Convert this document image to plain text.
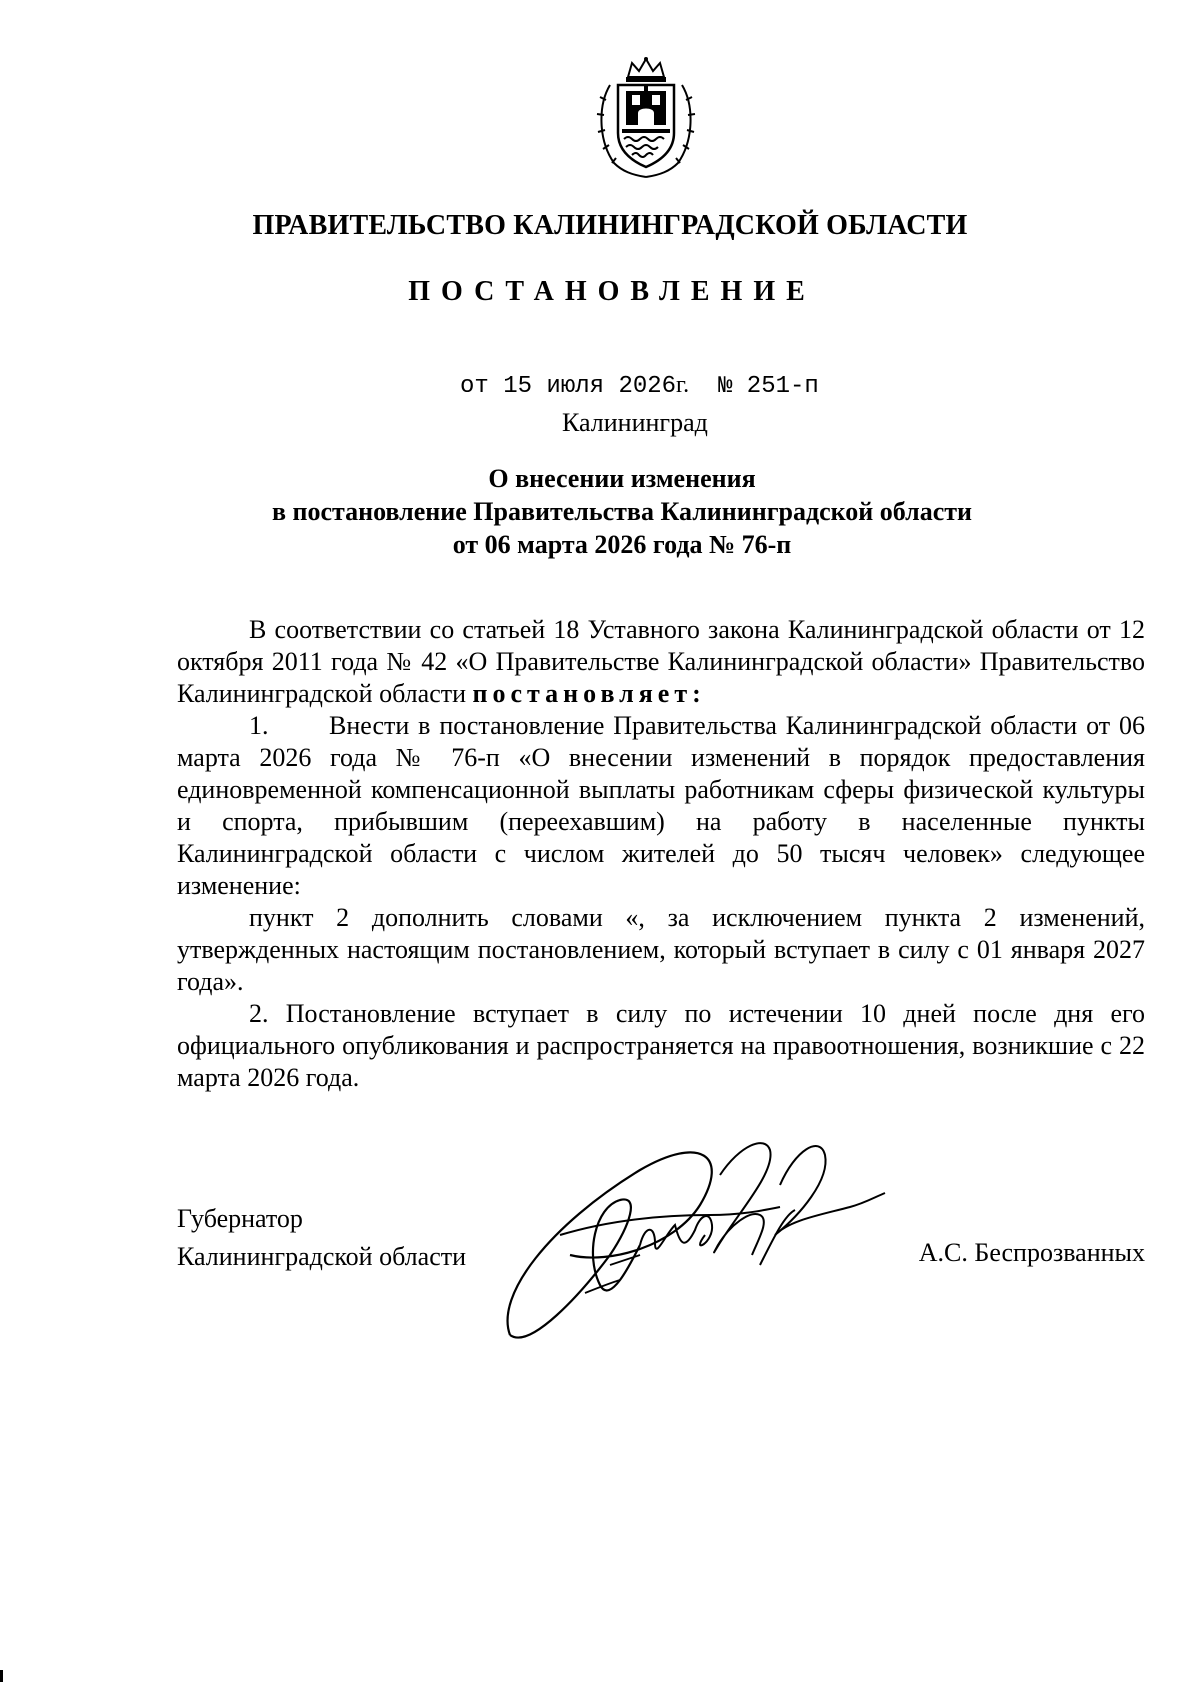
ПРАВИТЕЛЬСТВО КАЛИНИНГРАДСКОЙ ОБЛАСТИ
ПОСТАНОВЛЕНИЕ
от 15 июля 2026г. № 251-п
Калининград
О внесении изменения
в постановление Правительства Калининградской области
от 06 марта 2026 года № 76-п

В соответствии со статьей 18 Уставного закона Калининградской области от 12 октября 2011 года № 42 «О Правительстве Калининградской области» Правительство Калининградской области постановляет:

1. Внести в постановление Правительства Калининградской области от 06 марта 2026 года № 76-п «О внесении изменений в порядок предоставления единовременной компенсационной выплаты работникам сферы физической культуры и спорта, прибывшим (переехавшим) на работу в населенные пункты Калининградской области с числом жителей до 50 тысяч человек» следующее изменение:

пункт 2 дополнить словами «, за исключением пункта 2 изменений, утвержденных настоящим постановлением, который вступает в силу с 01 января 2027 года».

2. Постановление вступает в силу по истечении 10 дней после дня его официального опубликования и распространяется на правоотношения, возникшие с 22 марта 2026 года.

Губернатор
Калининградской области	А.С. Беспрозванных
